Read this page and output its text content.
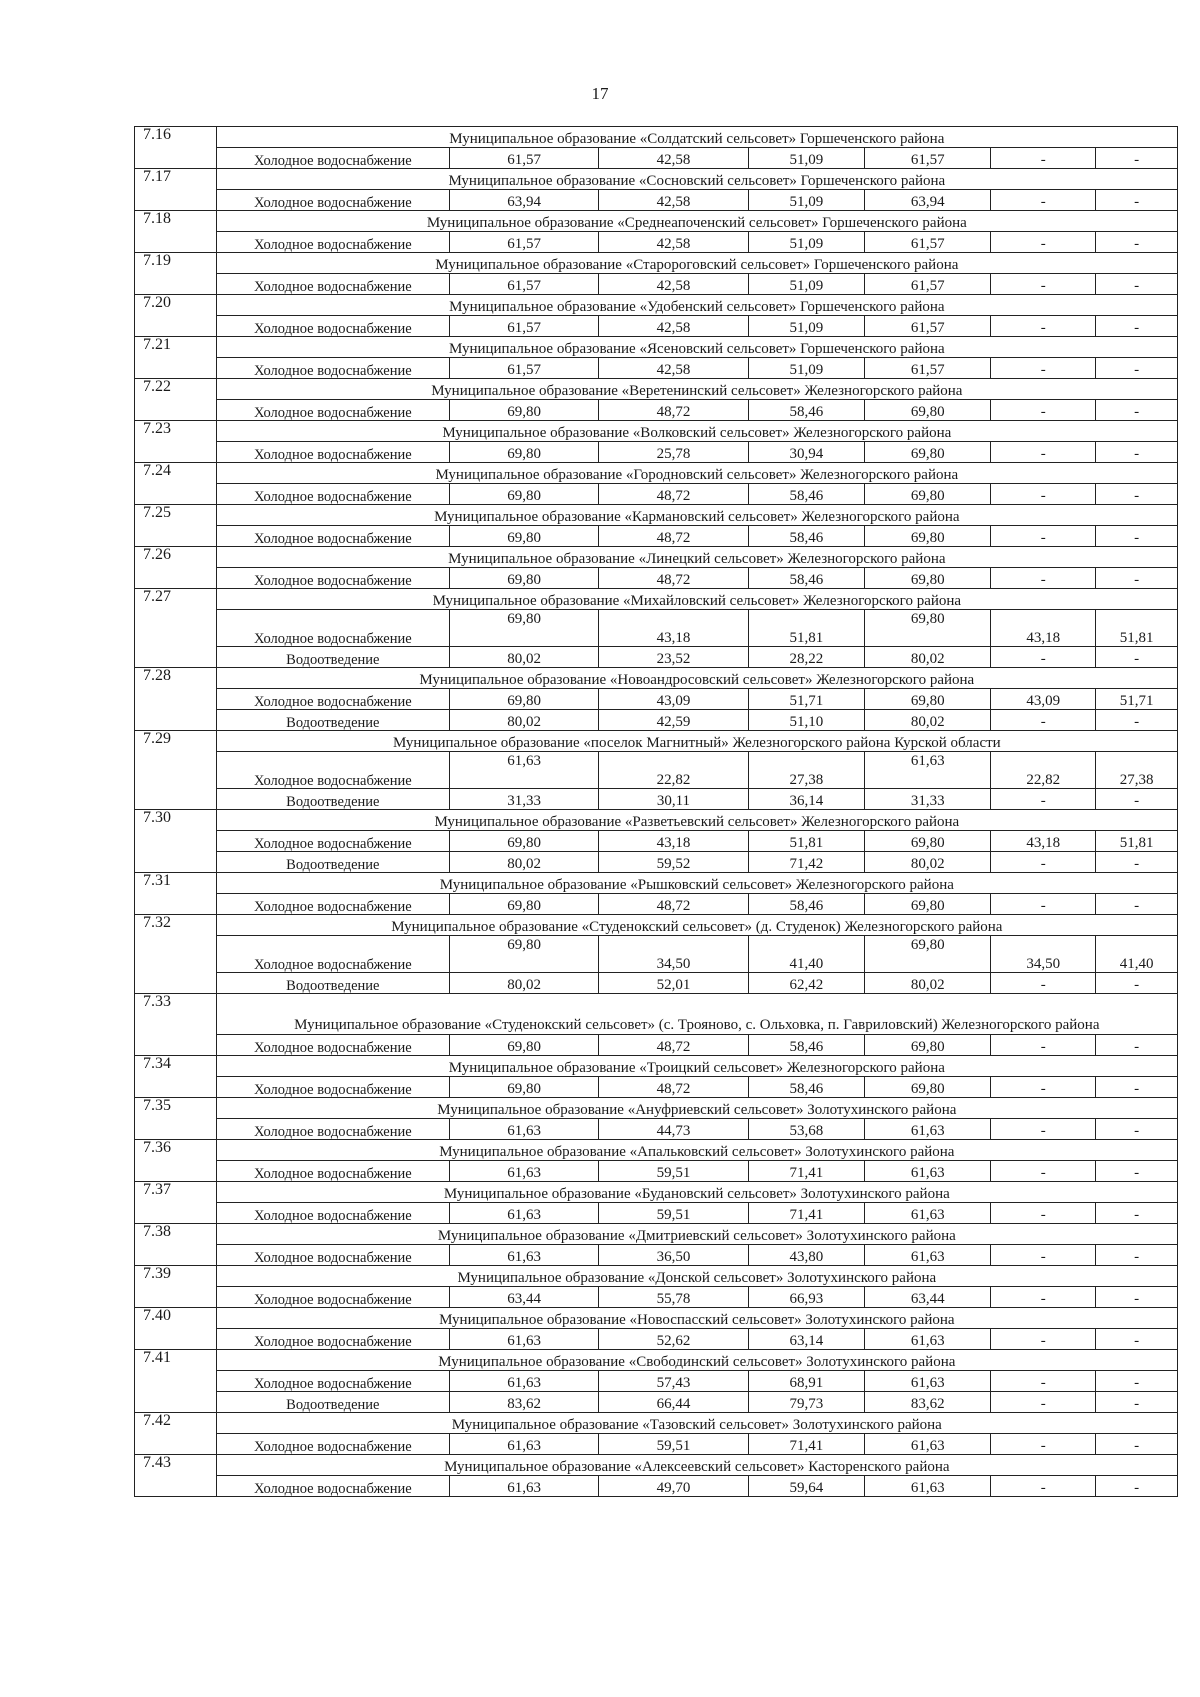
17
7.16	Муниципальное образование «Солдатский сельсовет» Горшеченского района						
	Холодное водоснабжение	61,57	42,58	51,09	61,57	-	-
7.17	Муниципальное образование «Сосновский сельсовет» Горшеченского района						
	Холодное водоснабжение	63,94	42,58	51,09	63,94	-	-
7.18	Муниципальное образование «Среднеапоченский сельсовет» Горшеченского района						
	Холодное водоснабжение	61,57	42,58	51,09	61,57	-	-
7.19	Муниципальное образование «Старороговский сельсовет» Горшеченского района						
	Холодное водоснабжение	61,57	42,58	51,09	61,57	-	-
7.20	Муниципальное образование «Удобенский сельсовет» Горшеченского района						
	Холодное водоснабжение	61,57	42,58	51,09	61,57	-	-
7.21	Муниципальное образование «Ясеновский сельсовет» Горшеченского района						
	Холодное водоснабжение	61,57	42,58	51,09	61,57	-	-
7.22	Муниципальное образование «Веретенинский сельсовет» Железногорского района						
	Холодное водоснабжение	69,80	48,72	58,46	69,80	-	-
7.23	Муниципальное образование «Волковский сельсовет» Железногорского района						
	Холодное водоснабжение	69,80	25,78	30,94	69,80	-	-
7.24	Муниципальное образование «Городновский сельсовет» Железногорского района						
	Холодное водоснабжение	69,80	48,72	58,46	69,80	-	-
7.25	Муниципальное образование «Кармановский сельсовет» Железногорского района						
	Холодное водоснабжение	69,80	48,72	58,46	69,80	-	-
7.26	Муниципальное образование «Линецкий сельсовет» Железногорского района						
	Холодное водоснабжение	69,80	48,72	58,46	69,80	-	-
7.27	Муниципальное образование «Михайловский сельсовет» Железногорского района						
	Холодное водоснабжение	69,80	43,18	51,81	69,80	43,18	51,81
	Водоотведение	80,02	23,52	28,22	80,02	-	-
7.28	Муниципальное образование «Новоандросовский сельсовет» Железногорского района						
	Холодное водоснабжение	69,80	43,09	51,71	69,80	43,09	51,71
	Водоотведение	80,02	42,59	51,10	80,02	-	-
7.29	Муниципальное образование «поселок Магнитный» Железногорского района Курской области						
	Холодное водоснабжение	61,63	22,82	27,38	61,63	22,82	27,38
	Водоотведение	31,33	30,11	36,14	31,33	-	-
7.30	Муниципальное образование «Разветьевский сельсовет» Железногорского района						
	Холодное водоснабжение	69,80	43,18	51,81	69,80	43,18	51,81
	Водоотведение	80,02	59,52	71,42	80,02	-	-
7.31	Муниципальное образование «Рышковский сельсовет» Железногорского района						
	Холодное водоснабжение	69,80	48,72	58,46	69,80	-	-
7.32	Муниципальное образование «Студенокский сельсовет» (д. Студенок) Железногорского района						
	Холодное водоснабжение	69,80	34,50	41,40	69,80	34,50	41,40
	Водоотведение	80,02	52,01	62,42	80,02	-	-
7.33	Муниципальное образование «Студенокский сельсовет» (с. Трояново, с. Ольховка, п. Гавриловский) Железногорского района						
	Холодное водоснабжение	69,80	48,72	58,46	69,80	-	-
7.34	Муниципальное образование «Троицкий сельсовет» Железногорского района						
	Холодное водоснабжение	69,80	48,72	58,46	69,80	-	-
7.35	Муниципальное образование «Ануфриевский сельсовет» Золотухинского района						
	Холодное водоснабжение	61,63	44,73	53,68	61,63	-	-
7.36	Муниципальное образование «Апальковский сельсовет» Золотухинского района						
	Холодное водоснабжение	61,63	59,51	71,41	61,63	-	-
7.37	Муниципальное образование «Будановский сельсовет» Золотухинского района						
	Холодное водоснабжение	61,63	59,51	71,41	61,63	-	-
7.38	Муниципальное образование «Дмитриевский сельсовет» Золотухинского района						
	Холодное водоснабжение	61,63	36,50	43,80	61,63	-	-
7.39	Муниципальное образование «Донской сельсовет» Золотухинского района						
	Холодное водоснабжение	63,44	55,78	66,93	63,44	-	-
7.40	Муниципальное образование «Новоспасский сельсовет» Золотухинского района						
	Холодное водоснабжение	61,63	52,62	63,14	61,63	-	-
7.41	Муниципальное образование «Свободинский сельсовет» Золотухинского района						
	Холодное водоснабжение	61,63	57,43	68,91	61,63	-	-
	Водоотведение	83,62	66,44	79,73	83,62	-	-
7.42	Муниципальное образование «Тазовский сельсовет» Золотухинского района						
	Холодное водоснабжение	61,63	59,51	71,41	61,63	-	-
7.43	Муниципальное образование «Алексеевский сельсовет» Касторенского района						
	Холодное водоснабжение	61,63	49,70	59,64	61,63	-	-
